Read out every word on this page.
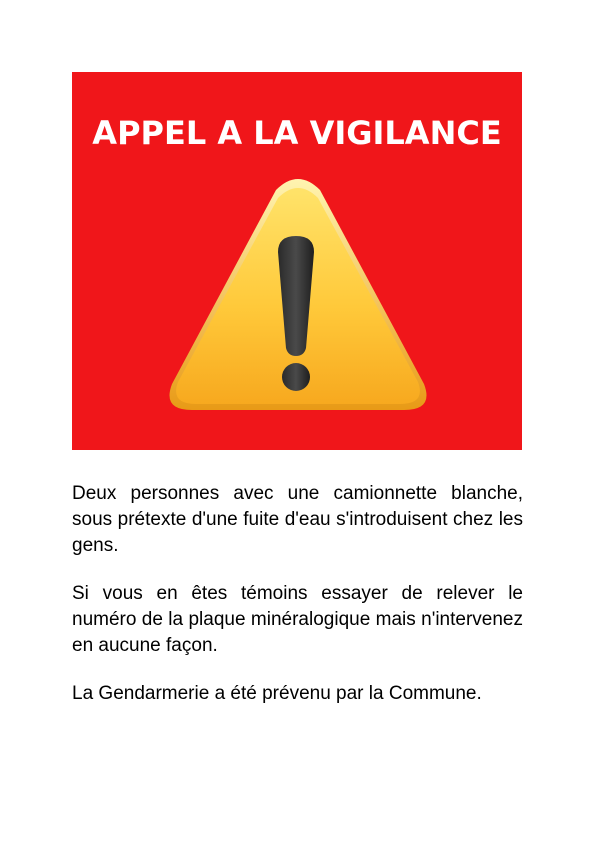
APPEL A LA VIGILANCE

Deux personnes avec une camionnette blanche, sous prétexte d'une fuite d'eau s'introduisent chez les gens.

Si vous en êtes témoins essayer de relever le numéro de la plaque minéralogique mais n'intervenez en aucune façon.

La Gendarmerie a été prévenu par la Commune.
